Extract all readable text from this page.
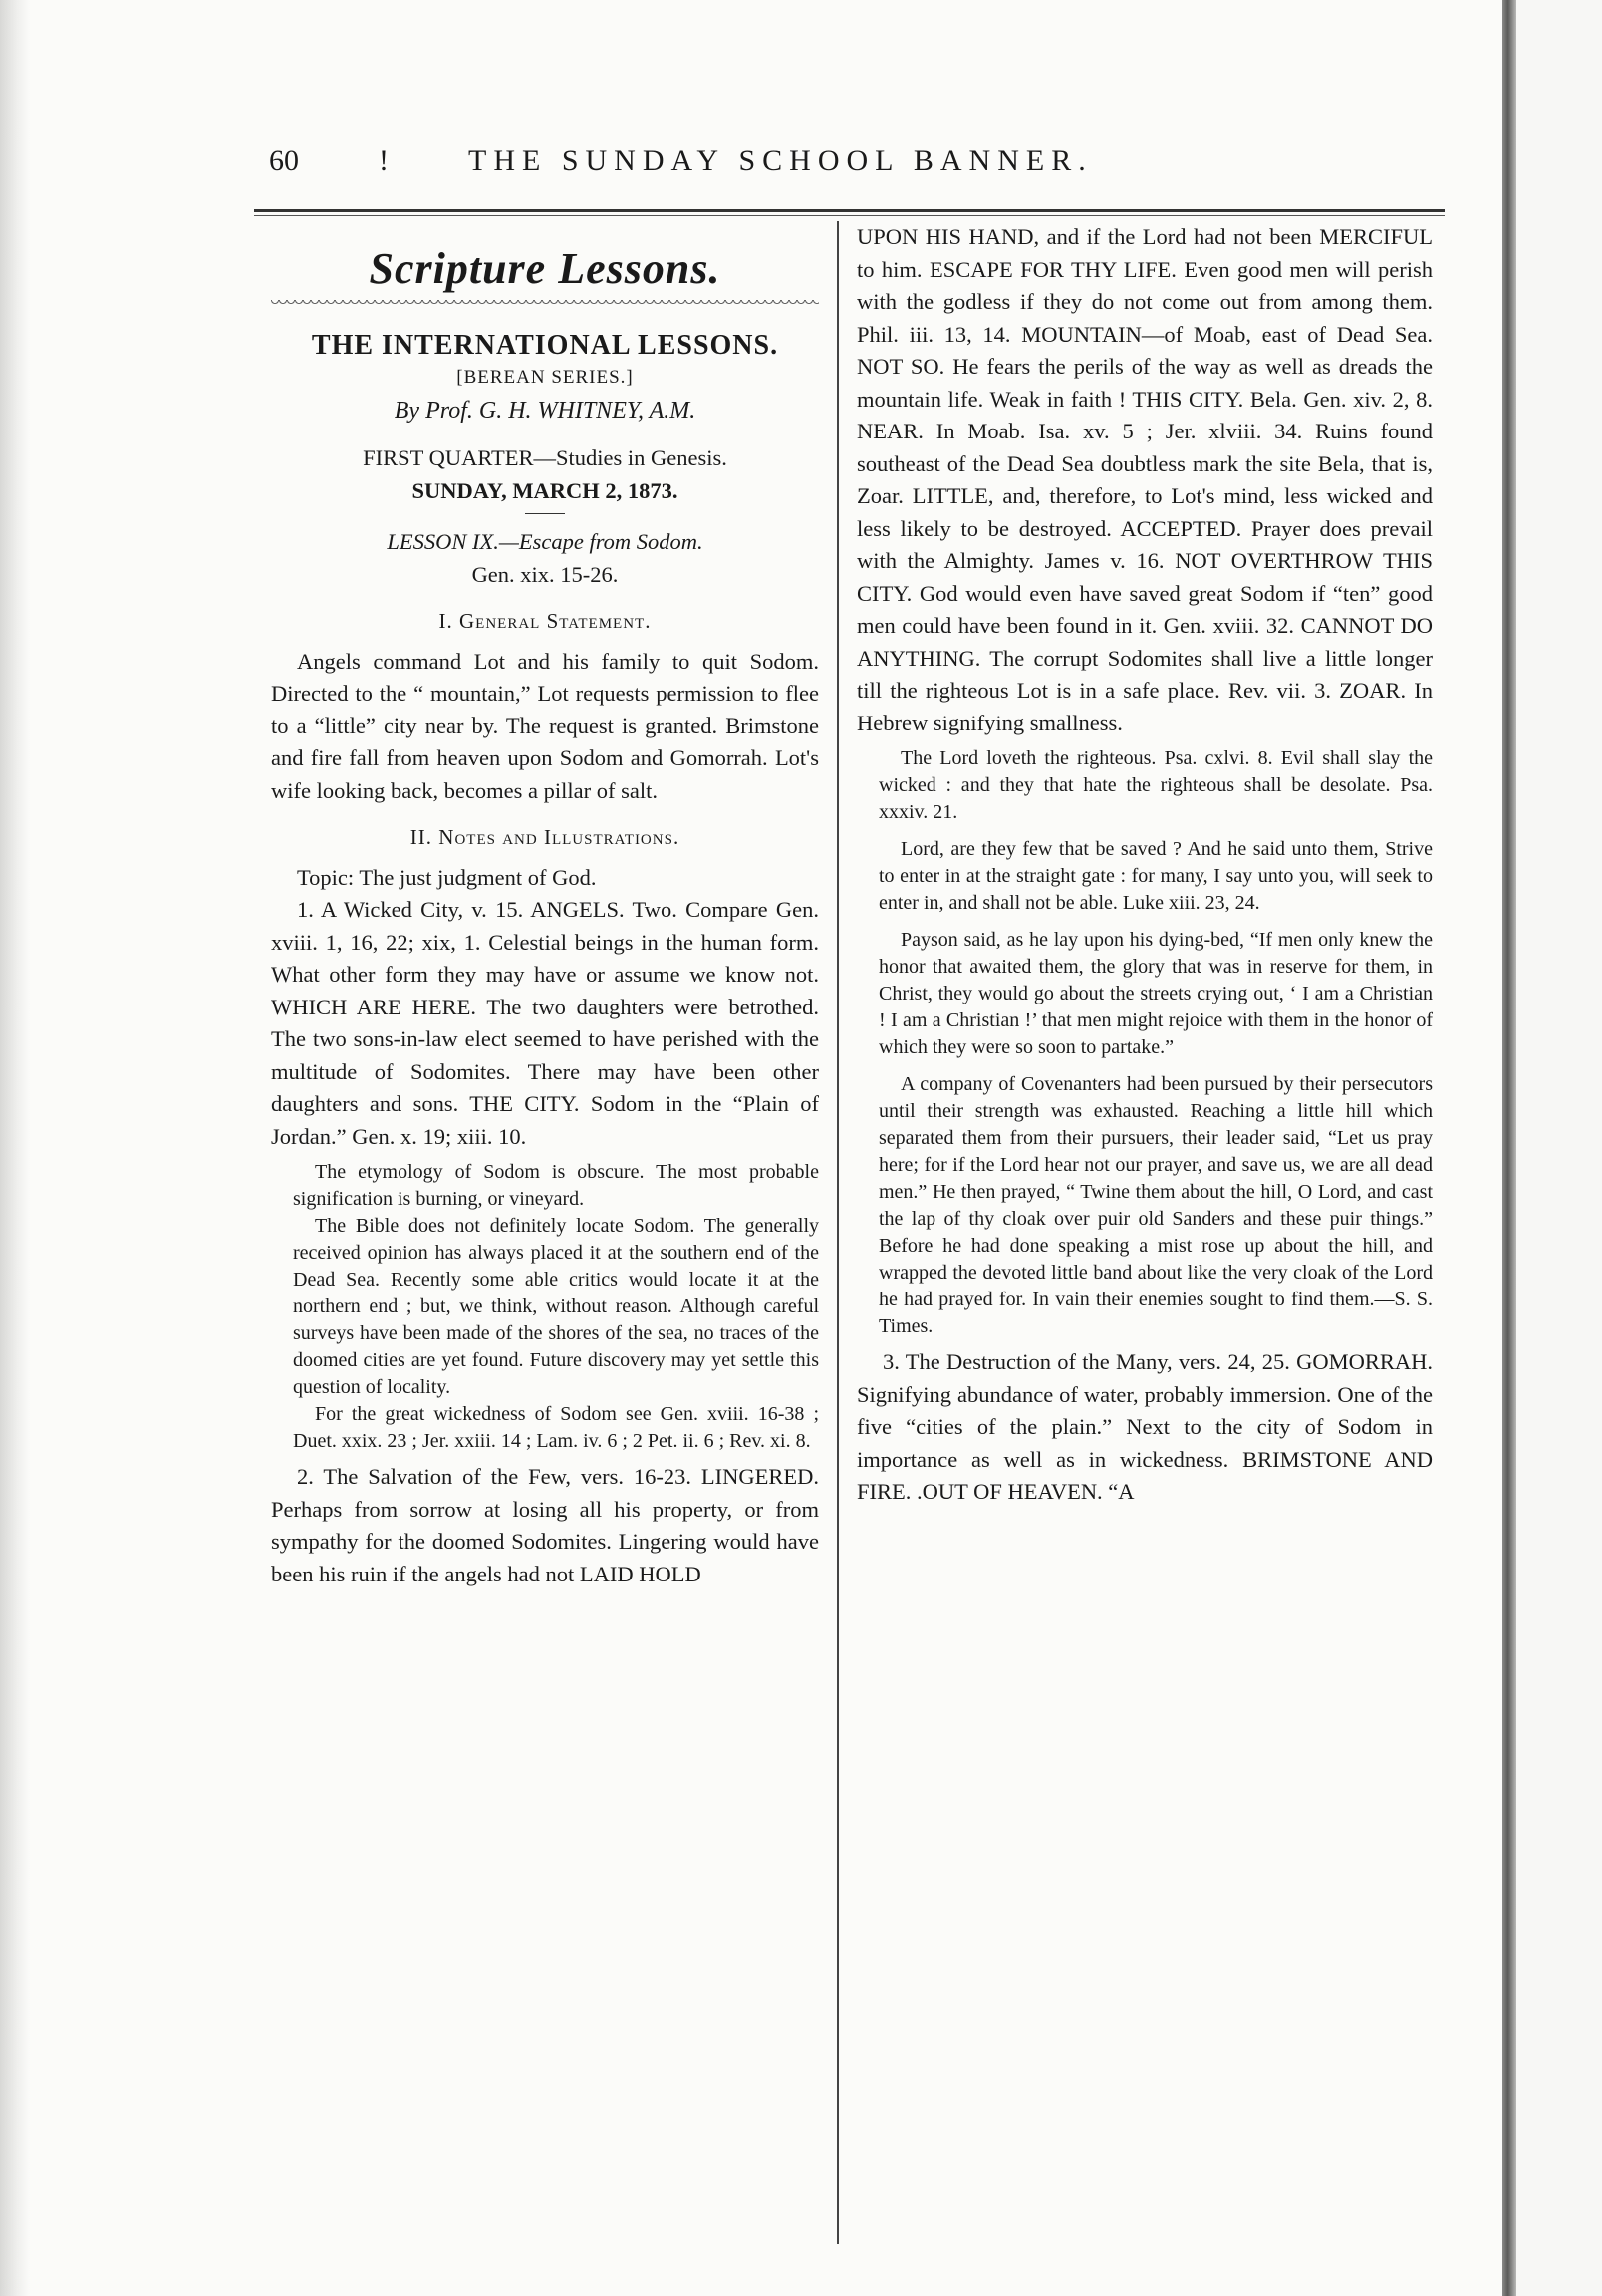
60	! THE SUNDAY SCHOOL BANNER.
Scripture Lessons.
THE INTERNATIONAL LESSONS.
[BEREAN SERIES.]
By Prof. G. H. WHITNEY, A.M.
FIRST QUARTER—Studies in Genesis.
SUNDAY, MARCH 2, 1873.
LESSON IX.—Escape from Sodom.
Gen. xix. 15-26.
I. General Statement.

Angels command Lot and his family to quit Sodom. Directed to the “ mountain,” Lot requests permission to flee to a “little” city near by. The request is granted. Brimstone and fire fall from heaven upon Sodom and Gomorrah. Lot's wife looking back, becomes a pillar of salt.

II. Notes and Illustrations.

Topic: The just judgment of God.

1. A Wicked City, v. 15. ANGELS. Two. Compare Gen. xviii. 1, 16, 22; xix, 1. Celestial beings in the human form. What other form they may have or assume we know not. WHICH ARE HERE. The two daughters were betrothed. The two sons-in-law elect seemed to have perished with the multitude of Sodomites. There may have been other daughters and sons. THE CITY. Sodom in the “Plain of Jordan.” Gen. x. 19; xiii. 10.

The etymology of Sodom is obscure. The most probable signification is burning, or vineyard.

The Bible does not definitely locate Sodom. The generally received opinion has always placed it at the southern end of the Dead Sea. Recently some able critics would locate it at the northern end ; but, we think, without reason. Although careful surveys have been made of the shores of the sea, no traces of the doomed cities are yet found. Future discovery may yet settle this question of locality.

For the great wickedness of Sodom see Gen. xviii. 16-38 ; Duet. xxix. 23 ; Jer. xxiii. 14 ; Lam. iv. 6 ; 2 Pet. ii. 6 ; Rev. xi. 8.

2. The Salvation of the Few, vers. 16-23. LINGERED. Perhaps from sorrow at losing all his property, or from sympathy for the doomed Sodomites. Lingering would have been his ruin if the angels had not LAID HOLD

UPON HIS HAND, and if the Lord had not been MERCIFUL to him. ESCAPE FOR THY LIFE. Even good men will perish with the godless if they do not come out from among them. Phil. iii. 13, 14. MOUNTAIN—of Moab, east of Dead Sea. NOT SO. He fears the perils of the way as well as dreads the mountain life. Weak in faith ! THIS CITY. Bela. Gen. xiv. 2, 8. NEAR. In Moab. Isa. xv. 5 ; Jer. xlviii. 34. Ruins found southeast of the Dead Sea doubtless mark the site Bela, that is, Zoar. LITTLE, and, therefore, to Lot's mind, less wicked and less likely to be destroyed. ACCEPTED. Prayer does prevail with the Almighty. James v. 16. NOT OVERTHROW THIS CITY. God would even have saved great Sodom if “ten” good men could have been found in it. Gen. xviii. 32. CANNOT DO ANYTHING. The corrupt Sodomites shall live a little longer till the righteous Lot is in a safe place. Rev. vii. 3. ZOAR. In Hebrew signifying smallness.

The Lord loveth the righteous. Psa. cxlvi. 8. Evil shall slay the wicked : and they that hate the righteous shall be desolate. Psa. xxxiv. 21.

Lord, are they few that be saved ? And he said unto them, Strive to enter in at the straight gate : for many, I say unto you, will seek to enter in, and shall not be able. Luke xiii. 23, 24.

Payson said, as he lay upon his dying-bed, “If men only knew the honor that awaited them, the glory that was in reserve for them, in Christ, they would go about the streets crying out, ‘ I am a Christian ! I am a Christian !’ that men might rejoice with them in the honor of which they were so soon to partake.”

A company of Covenanters had been pursued by their persecutors until their strength was exhausted. Reaching a little hill which separated them from their pursuers, their leader said, “Let us pray here; for if the Lord hear not our prayer, and save us, we are all dead men.” He then prayed, “ Twine them about the hill, O Lord, and cast the lap of thy cloak over puir old Sanders and these puir things.” Before he had done speaking a mist rose up about the hill, and wrapped the devoted little band about like the very cloak of the Lord he had prayed for. In vain their enemies sought to find them.—S. S. Times.

3. The Destruction of the Many, vers. 24, 25. GOMORRAH. Signifying abundance of water, probably immersion. One of the five “cities of the plain.” Next to the city of Sodom in importance as well as in wickedness. BRIMSTONE AND FIRE. .OUT OF HEAVEN. “A
